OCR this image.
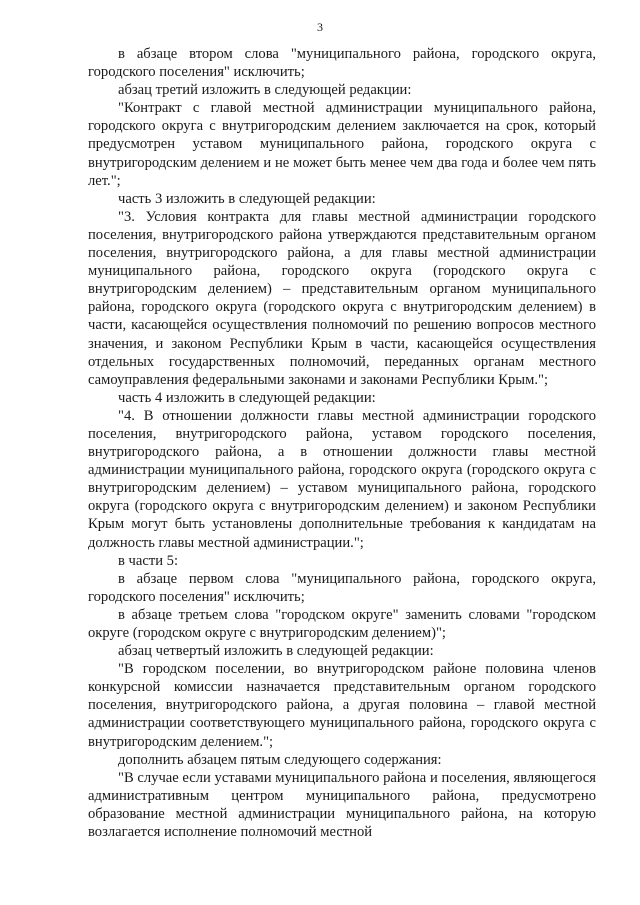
3

в абзаце втором слова "муниципального района, городского округа, городского поселения" исключить;

абзац третий изложить в следующей редакции:

"Контракт с главой местной администрации муниципального района, городского округа с внутригородским делением заключается на срок, который предусмотрен уставом муниципального района, городского округа с внутригородским делением и не может быть менее чем два года и более чем пять лет.";

часть 3 изложить в следующей редакции:

"3. Условия контракта для главы местной администрации городского поселения, внутригородского района утверждаются представительным органом поселения, внутригородского района, а для главы местной администрации муниципального района, городского округа (городского округа с внутригородским делением) – представительным органом муниципального района, городского округа (городского округа с внутригородским делением) в части, касающейся осуществления полномочий по решению вопросов местного значения, и законом Республики Крым в части, касающейся осуществления отдельных государственных полномочий, переданных органам местного самоуправления федеральными законами и законами Республики Крым.";

часть 4 изложить в следующей редакции:

"4. В отношении должности главы местной администрации городского поселения, внутригородского района, уставом городского поселения, внутригородского района, а в отношении должности главы местной администрации муниципального района, городского округа (городского округа с внутригородским делением) – уставом муниципального района, городского округа (городского округа с внутригородским делением) и законом Республики Крым могут быть установлены дополнительные требования к кандидатам на должность главы местной администрации.";

в части 5:

в абзаце первом слова "муниципального района, городского округа, городского поселения" исключить;

в абзаце третьем слова "городском округе" заменить словами "городском округе (городском округе с внутригородским делением)";

абзац четвертый изложить в следующей редакции:

"В городском поселении, во внутригородском районе половина членов конкурсной комиссии назначается представительным органом городского поселения, внутригородского района, а другая половина – главой местной администрации соответствующего муниципального района, городского округа с внутригородским делением.";

дополнить абзацем пятым следующего содержания:

"В случае если уставами муниципального района и поселения, являющегося административным центром муниципального района, предусмотрено образование местной администрации муниципального района, на которую возлагается исполнение полномочий местной
